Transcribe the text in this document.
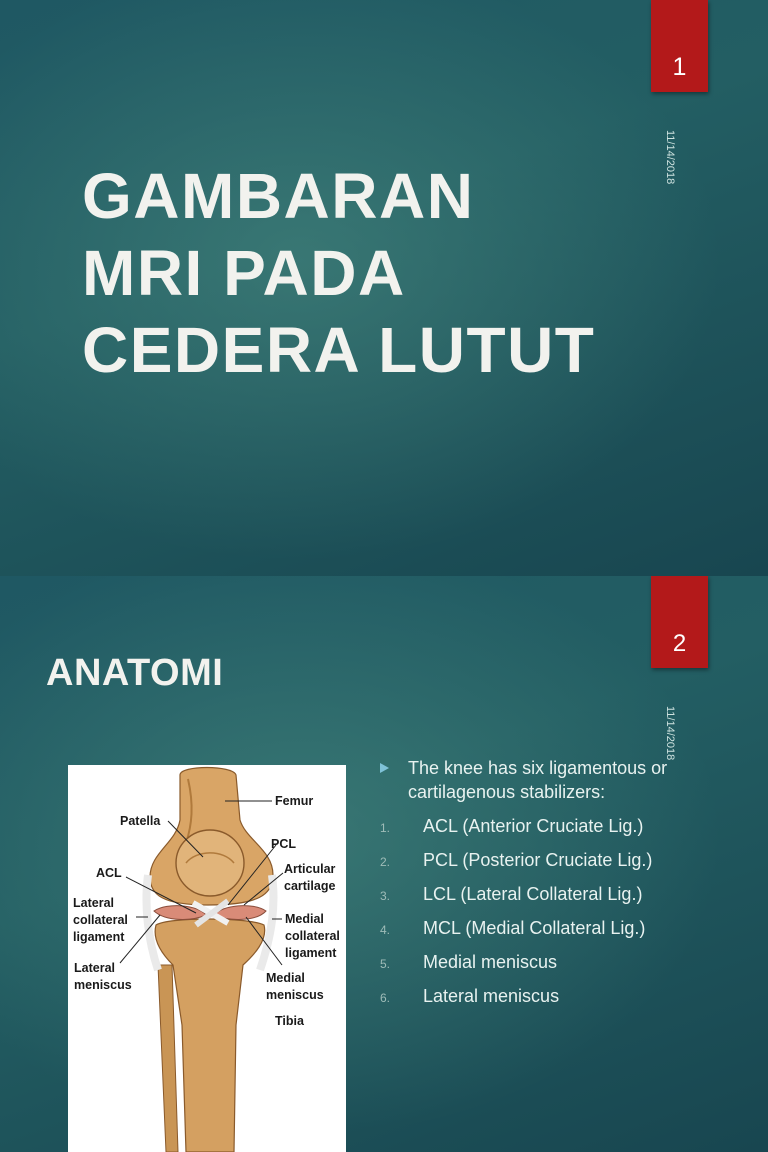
1
11/14/2018
GAMBARAN
MRI PADA
CEDERA LUTUT
2
11/14/2018
ANATOMI
Femur
Patella
PCL
ACL	Articular
cartilage
Lateral
collateral
ligament
Medial
collateral
ligament
Lateral
meniscus	Medial
meniscus
Tibia
The knee has six ligamentous or cartilagenous stabilizers:
1. ACL (Anterior Cruciate Lig.)
2. PCL (Posterior Cruciate Lig.)
3. LCL (Lateral Collateral Lig.)
4. MCL (Medial Collateral Lig.)
5. Medial meniscus
6. Lateral meniscus
